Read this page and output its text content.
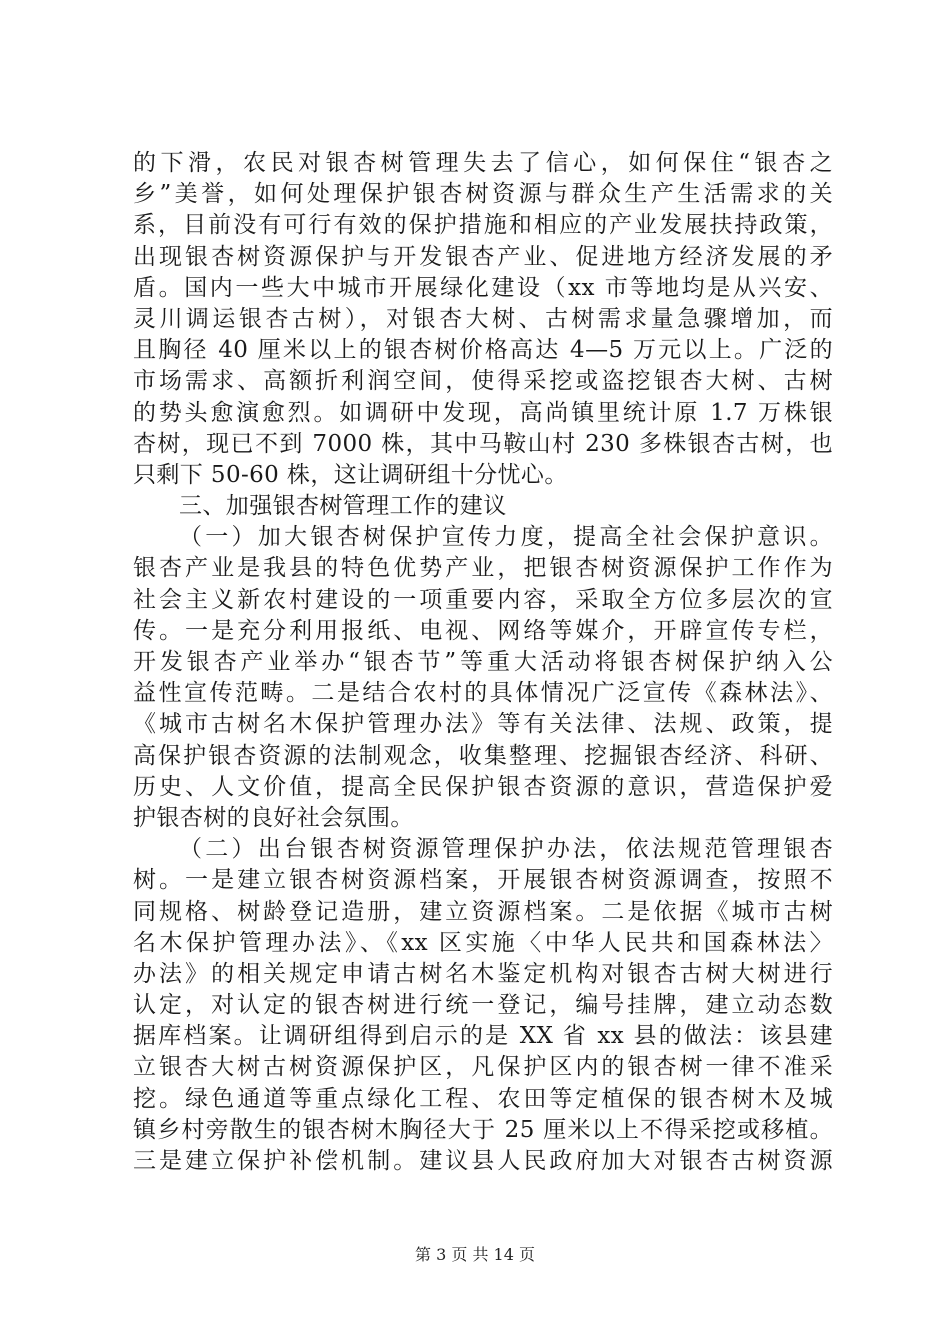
的下滑，农民对银杏树管理失去了信心，如何保住“银杏之
乡”美誉，如何处理保护银杏树资源与群众生产生活需求的关
系，目前没有可行有效的保护措施和相应的产业发展扶持政策，
出现银杏树资源保护与开发银杏产业、促进地方经济发展的矛
盾。国内一些大中城市开展绿化建设（xx 市等地均是从兴安、
灵川调运银杏古树），对银杏大树、古树需求量急骤增加，而
且胸径 40 厘米以上的银杏树价格高达 4—5 万元以上。广泛的
市场需求、高额折利润空间，使得采挖或盗挖银杏大树、古树
的势头愈演愈烈。如调研中发现，高尚镇里统计原 1.7 万株银
杏树，现已不到 7000 株，其中马鞍山村 230 多株银杏古树，也
只剩下 50-60 株，这让调研组十分忧心。
三、加强银杏树管理工作的建议
（一）加大银杏树保护宣传力度，提高全社会保护意识。
银杏产业是我县的特色优势产业，把银杏树资源保护工作作为
社会主义新农村建设的一项重要内容，采取全方位多层次的宣
传。一是充分利用报纸、电视、网络等媒介，开辟宣传专栏，
开发银杏产业举办“银杏节”等重大活动将银杏树保护纳入公
益性宣传范畴。二是结合农村的具体情况广泛宣传《森林法》、
《城市古树名木保护管理办法》等有关法律、法规、政策，提
高保护银杏资源的法制观念，收集整理、挖掘银杏经济、科研、
历史、人文价值，提高全民保护银杏资源的意识，营造保护爱
护银杏树的良好社会氛围。
（二）出台银杏树资源管理保护办法，依法规范管理银杏
树。一是建立银杏树资源档案，开展银杏树资源调查，按照不
同规格、树龄登记造册，建立资源档案。二是依据《城市古树
名木保护管理办法》、《xx 区实施〈中华人民共和国森林法〉
办法》的相关规定申请古树名木鉴定机构对银杏古树大树进行
认定，对认定的银杏树进行统一登记，编号挂牌，建立动态数
据库档案。让调研组得到启示的是 XX 省 xx 县的做法：该县建
立银杏大树古树资源保护区，凡保护区内的银杏树一律不准采
挖。绿色通道等重点绿化工程、农田等定植保的银杏树木及城
镇乡村旁散生的银杏树木胸径大于 25 厘米以上不得采挖或移植。
三是建立保护补偿机制。建议县人民政府加大对银杏古树资源
第 3 页 共 14 页
